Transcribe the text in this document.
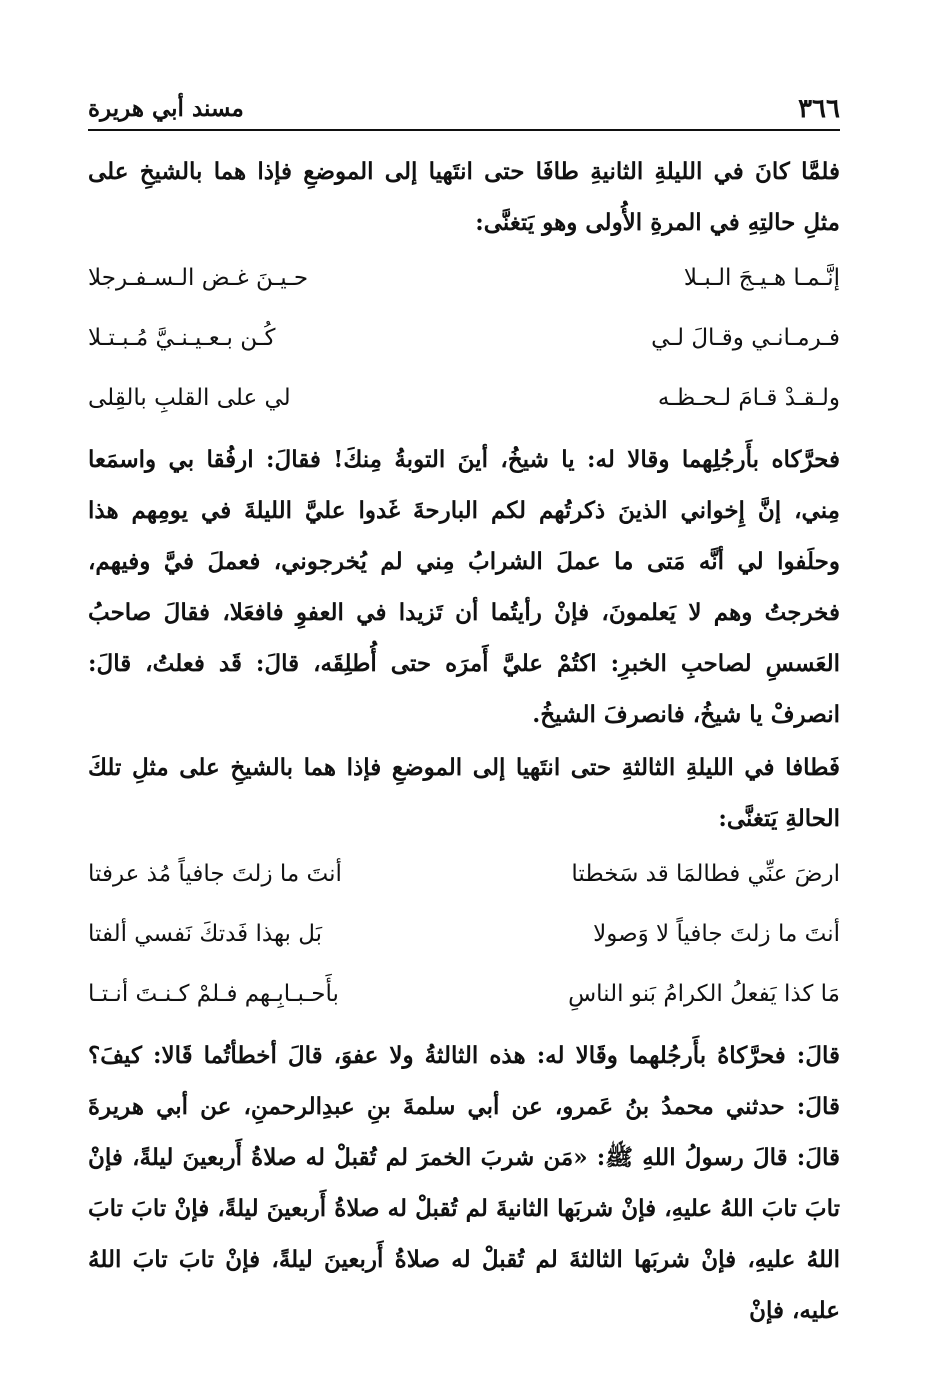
٣٦٦
مسند أبي هريرة

فلمَّا كانَ في الليلةِ الثانيةِ طافَا حتى انتَهيا إلى الموضعِ فإذا هما بالشيخِ على مثلِ حالتِهِ في المرةِ الأُولى وهو يَتغنَّى:

إنَّـمـا هـيـجَ الـبـلا
حـيـنَ غـض الـسـفـرجلا
فـرمـانـي وقـالَ لـي
كُـن بـعـيـنـيَّ مُـبـتـلا
ولـقـدْ قـامَ لـحـظـه
لي على القلبِ بالقِلى

فحرَّكاه بأَرجُلِهما وقالا له: يا شيخُ، أينَ التوبةُ مِنكَ! فقالَ: ارفُقا بي واسمَعا مِني، إنَّ إِخواني الذينَ ذكرتُهم لكم البارحةَ غَدوا عليَّ الليلةَ في يومِهم هذا وحلَفوا لي أنَّه مَتى ما عملَ الشرابُ مِني لم يُخرجوني، فعملَ فيَّ وفيهم، فخرجتُ وهم لا يَعلمونَ، فإنْ رأيتُما أن تَزيدا في العفوِ فافعَلا، فقالَ صاحبُ العَسسِ لصاحبِ الخبرِ: اكتُمْ عليَّ أَمرَه حتى أُطلِقَه، قالَ: قَد فعلتُ، قالَ: انصرفْ يا شيخُ، فانصرفَ الشيخُ.

فَطافا في الليلةِ الثالثةِ حتى انتَهيا إلى الموضعِ فإذا هما بالشيخِ على مثلِ تلكَ الحالةِ يَتغنَّى:

ارضَ عنِّي فطالمَا قد سَخطتا
أنتَ ما زلتَ جافياً مُذ عرفتا
أنتَ ما زلتَ جافياً لا وَصولا
بَل بهذا فَدتكَ نَفسي ألفتا
مَا كذا يَفعلُ الكرامُ بَنو الناسِ
بأَحـبـابِـهم فـلمْ كـنـتَ أنـتـا

قالَ: فحرَّكاهُ بأَرجُلهما وقَالا له: هذه الثالثةُ ولا عفوَ، قالَ أخطأتُما قَالا: كيفَ؟ قالَ: حدثني محمدُ بنُ عَمرو، عن أبي سلمةَ بنِ عبدِالرحمنِ، عن أبي هريرةَ قالَ: قالَ رسولُ اللهِ ﷺ: «مَن شربَ الخمرَ لم تُقبلْ له صلاةُ أَربعينَ ليلةً، فإنْ تابَ تابَ اللهُ عليهِ، فإنْ شربَها الثانيةَ لم تُقبلْ له صلاةُ أَربعينَ ليلةً، فإنْ تابَ تابَ اللهُ عليهِ، فإنْ شربَها الثالثةَ لم تُقبلْ له صلاةُ أَربعينَ ليلةً، فإنْ تابَ تابَ اللهُ عليه، فإنْ
